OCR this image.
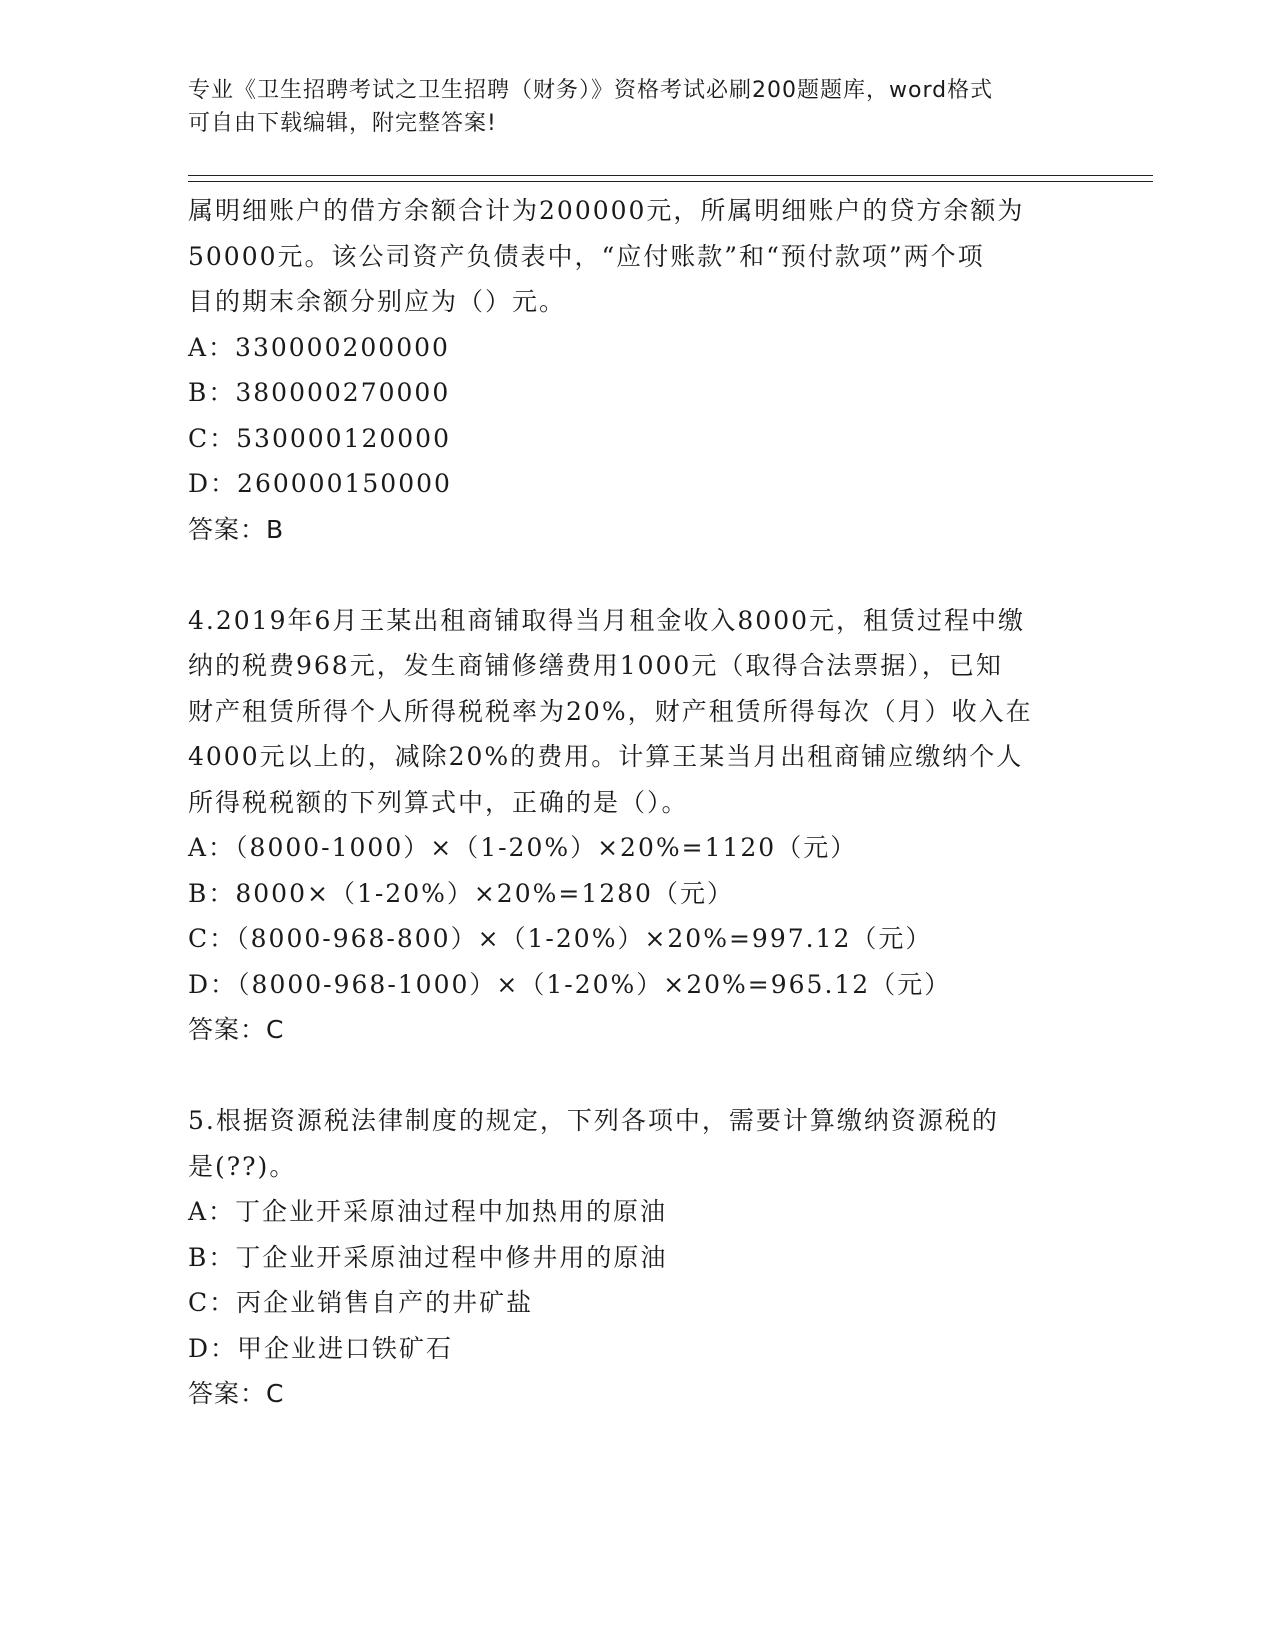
专业《卫生招聘考试之卫生招聘（财务）》资格考试必刷200题题库，word格式
可自由下载编辑，附完整答案!
属明细账户的借方余额合计为200000元，所属明细账户的贷方余额为
50000元。该公司资产负债表中，“应付账款”和“预付款项”两个项
目的期末余额分别应为（）元。
A：330000200000
B：380000270000
C：530000120000
D：260000150000
答案：B
4.2019年6月王某出租商铺取得当月租金收入8000元，租赁过程中缴
纳的税费968元，发生商铺修缮费用1000元（取得合法票据），已知
财产租赁所得个人所得税税率为20%，财产租赁所得每次（月）收入在
4000元以上的，减除20%的费用。计算王某当月出租商铺应缴纳个人
所得税税额的下列算式中，正确的是（）。
A：（8000-1000）×（1-20%）×20%=1120（元）
B：8000×（1-20%）×20%=1280（元）
C：（8000-968-800）×（1-20%）×20%=997.12（元）
D：（8000-968-1000）×（1-20%）×20%=965.12（元）
答案：C
5.根据资源税法律制度的规定，下列各项中，需要计算缴纳资源税的
是(??)。
A：丁企业开采原油过程中加热用的原油
B：丁企业开采原油过程中修井用的原油
C：丙企业销售自产的井矿盐
D：甲企业进口铁矿石
答案：C
